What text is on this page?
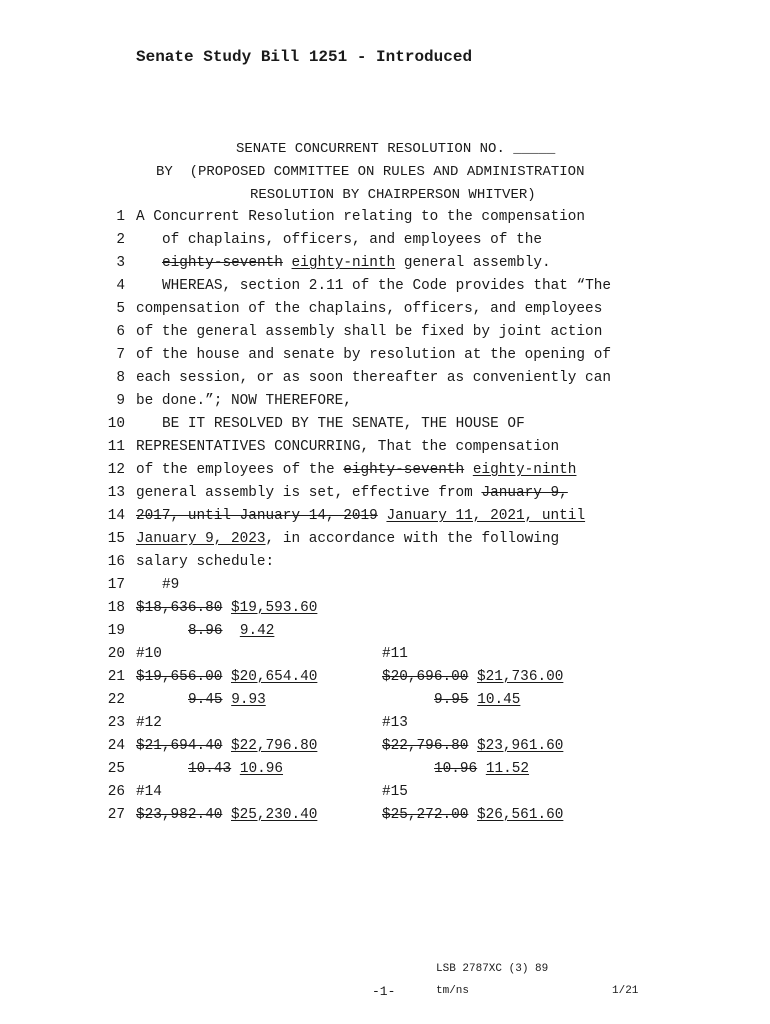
Senate Study Bill 1251 - Introduced
SENATE CONCURRENT RESOLUTION NO. _____
BY  (PROPOSED COMMITTEE ON RULES AND ADMINISTRATION
RESOLUTION BY CHAIRPERSON WHITVER)

1

A Concurrent Resolution relating to the compensation

2

	of chaplains, officers, and employees of the

3

	eighty-seventh eighty-ninth general assembly.

4

	WHEREAS, section 2.11 of the Code provides that “The

5

compensation of the chaplains, officers, and employees

6

of the general assembly shall be fixed by joint action

7

of the house and senate by resolution at the opening of

8

each session, or as soon thereafter as conveniently can

9

be done.”; NOW THEREFORE,

10

	BE IT RESOLVED BY THE SENATE, THE HOUSE OF

11

REPRESENTATIVES CONCURRING, That the compensation

12

of the employees of the eighty-seventh eighty-ninth

13

general assembly is set, effective from January 9,

14

2017, until January 14, 2019 January 11, 2021, until

15

January 9, 2023, in accordance with the following

16

salary schedule:

17

	#9

18

$18,636.80 $19,593.60

19

	8.96 9.42

20

#10

	#11

21

$19,656.00 $20,654.40

	$20,696.00 $21,736.00

22

	9.45 9.93

	9.95 10.45

23

#12

	#13

24

$21,694.40 $22,796.80

	$22,796.80 $23,961.60

25

	10.43 10.96

	10.96 11.52

26

#14

	#15

27

$23,982.40 $25,230.40

	$25,272.00 $26,561.60

LSB 2787XC (3) 89
-1-	tm/ns	1/21
